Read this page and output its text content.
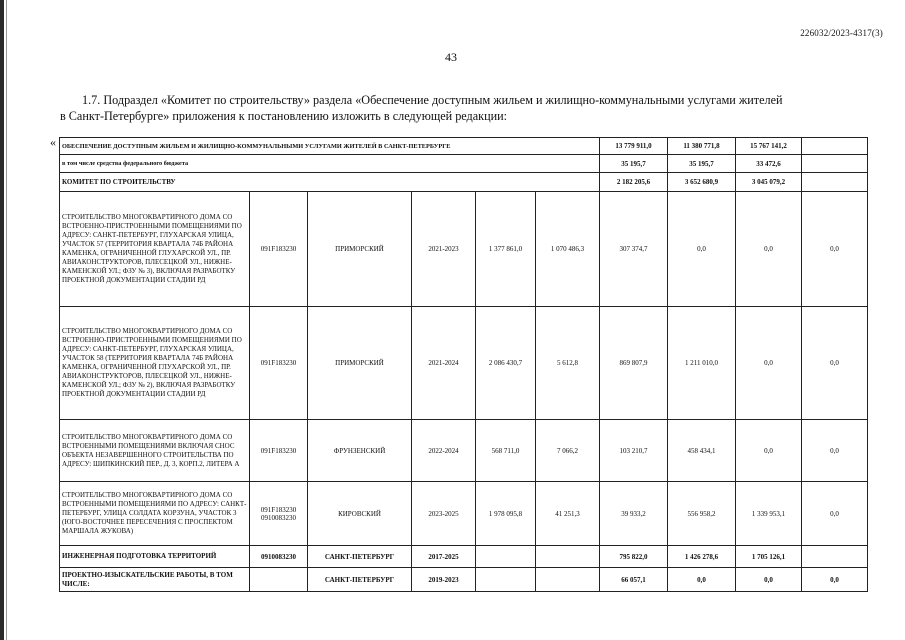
226032/2023-4317(3)
43

1.7. Подраздел «Комитет по строительству» раздела «Обеспечение доступным жильем и жилищно-коммунальными услугами жителей

в Санкт-Петербурге» приложения к постановлению изложить в следующей редакции:

« ОБЕСПЕЧЕНИЕ ДОСТУПНЫМ ЖИЛЬЕМ И ЖИЛИЩНО-КОММУНАЛЬНЫМИ УСЛУГАМИ ЖИТЕЛЕЙ В САНКТ-ПЕТЕРБУРГЕ						13 779 911,0	11 380 771,8	15 767 141,2	
в том числе средства федерального бюджета						35 195,7	35 195,7	33 472,6	
КОМИТЕТ ПО СТРОИТЕЛЬСТВУ						2 182 205,6	3 652 680,9	3 045 079,2	
СТРОИТЕЛЬСТВО МНОГОКВАРТИРНОГО ДОМА СО ВСТРОЕННО-ПРИСТРОЕННЫМИ ПОМЕЩЕНИЯМИ ПО АДРЕСУ: САНКТ-ПЕТЕРБУРГ, ГЛУХАРСКАЯ УЛИЦА, УЧАСТОК 57 (ТЕРРИТОРИЯ КВАРТАЛА 74Б РАЙОНА КАМЕНКА, ОГРАНИЧЕННОЙ ГЛУХАРСКОЙ УЛ., ПР. АВИАКОНСТРУКТОРОВ, ПЛЕСЕЦКОЙ УЛ., НИЖНЕ-КАМЕНСКОЙ УЛ.; ФЗУ № 3), ВКЛЮЧАЯ РАЗРАБОТКУ ПРОЕКТНОЙ ДОКУМЕНТАЦИИ СТАДИИ РД	091F183230	ПРИМОРСКИЙ	2021-2023	1 377 861,0	1 070 486,3	307 374,7	0,0	0,0	0,0
СТРОИТЕЛЬСТВО МНОГОКВАРТИРНОГО ДОМА СО ВСТРОЕННО-ПРИСТРОЕННЫМИ ПОМЕЩЕНИЯМИ ПО АДРЕСУ: САНКТ-ПЕТЕРБУРГ, ГЛУХАРСКАЯ УЛИЦА, УЧАСТОК 58 (ТЕРРИТОРИЯ КВАРТАЛА 74Б РАЙОНА КАМЕНКА, ОГРАНИЧЕННОЙ ГЛУХАРСКОЙ УЛ., ПР. АВИАКОНСТРУКТОРОВ, ПЛЕСЕЦКОЙ УЛ., НИЖНЕ-КАМЕНСКОЙ УЛ.; ФЗУ № 2), ВКЛЮЧАЯ РАЗРАБОТКУ ПРОЕКТНОЙ ДОКУМЕНТАЦИИ СТАДИИ РД	091F183230	ПРИМОРСКИЙ	2021-2024	2 086 430,7	5 612,8	869 807,9	1 211 010,0	0,0	0,0
СТРОИТЕЛЬСТВО МНОГОКВАРТИРНОГО ДОМА СО ВСТРОЕННЫМИ ПОМЕЩЕНИЯМИ ВКЛЮЧАЯ СНОС ОБЪЕКТА НЕЗАВЕРШЕННОГО СТРОИТЕЛЬСТВА ПО АДРЕСУ: ШИПКИНСКИЙ ПЕР., Д. 3, КОРП.2, ЛИТЕРА А	091F183230	ФРУНЗЕНСКИЙ	2022-2024	568 711,0	7 066,2	103 210,7	458 434,1	0,0	0,0
СТРОИТЕЛЬСТВО МНОГОКВАРТИРНОГО ДОМА СО ВСТРОЕННЫМИ ПОМЕЩЕНИЯМИ ПО АДРЕСУ: САНКТ-ПЕТЕРБУРГ, УЛИЦА СОЛДАТА КОРЗУНА, УЧАСТОК 3 (ЮГО-ВОСТОЧНЕЕ ПЕРЕСЕЧЕНИЯ С ПРОСПЕКТОМ МАРШАЛА ЖУКОВА)	091F183230 0910083230	КИРОВСКИЙ	2023-2025	1 978 095,8	41 251,3	39 933,2	556 958,2	1 339 953,1	0,0
ИНЖЕНЕРНАЯ ПОДГОТОВКА ТЕРРИТОРИЙ	0910083230	САНКТ-ПЕТЕРБУРГ	2017-2025			795 822,0	1 426 278,6	1 705 126,1	
ПРОЕКТНО-ИЗЫСКАТЕЛЬСКИЕ РАБОТЫ, В ТОМ ЧИСЛЕ:		САНКТ-ПЕТЕРБУРГ	2019-2023			66 057,1	0,0	0,0	0,0
